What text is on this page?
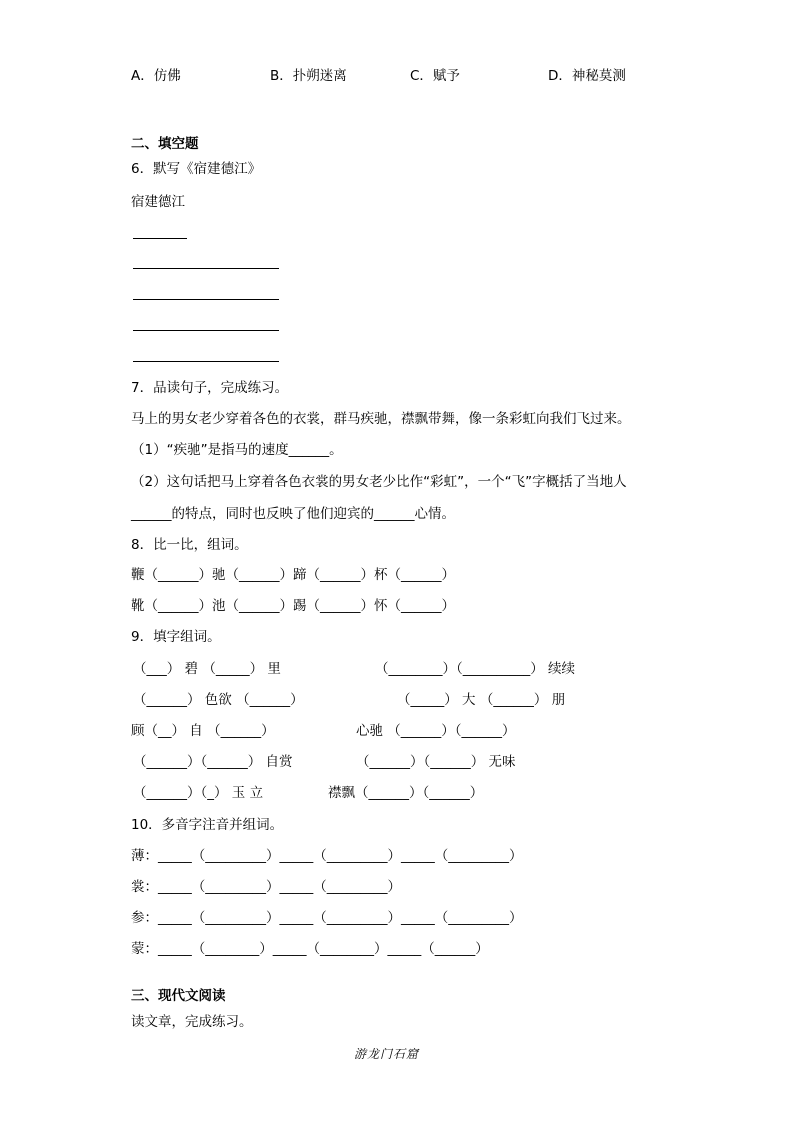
A．仿佛	B．扑朔迷离	C．赋予	D．神秘莫测
二、填空题
6．默写《宿建德江》
宿建德江
7．品读句子，完成练习。
马上的男女老少穿着各色的衣裳，群马疾驰，襟飘带舞，像一条彩虹向我们飞过来。
（1）“疾驰”是指马的速度______。
（2）这句话把马上穿着各色衣裳的男女老少比作“彩虹”，一个“飞”字概括了当地人
______的特点，同时也反映了他们迎宾的______心情。
8．比一比，组词。
鞭（______）驰（______）蹄（______）杯（______）
靴（______）池（______）踢（______）怀（______）
9．填字组词。
（___） 碧 （_____） 里	（________）（__________） 续续
（______） 色欲 （______）	（_____） 大 （______） 朋
顾（__） 自 （______）	心驰 （______）（______）
（______）（______） 自赏	（______）（______） 无味
（______）（_） 玉 立	襟飘（______）（______）
10．多音字注音并组词。
薄：_____（_________）_____（_________）_____（_________）
裳：_____（_________）_____（_________）
参：_____（_________）_____（_________）_____（_________）
蒙：_____（________）_____（________）_____（______）
三、现代文阅读
读文章，完成练习。
游龙门石窟
